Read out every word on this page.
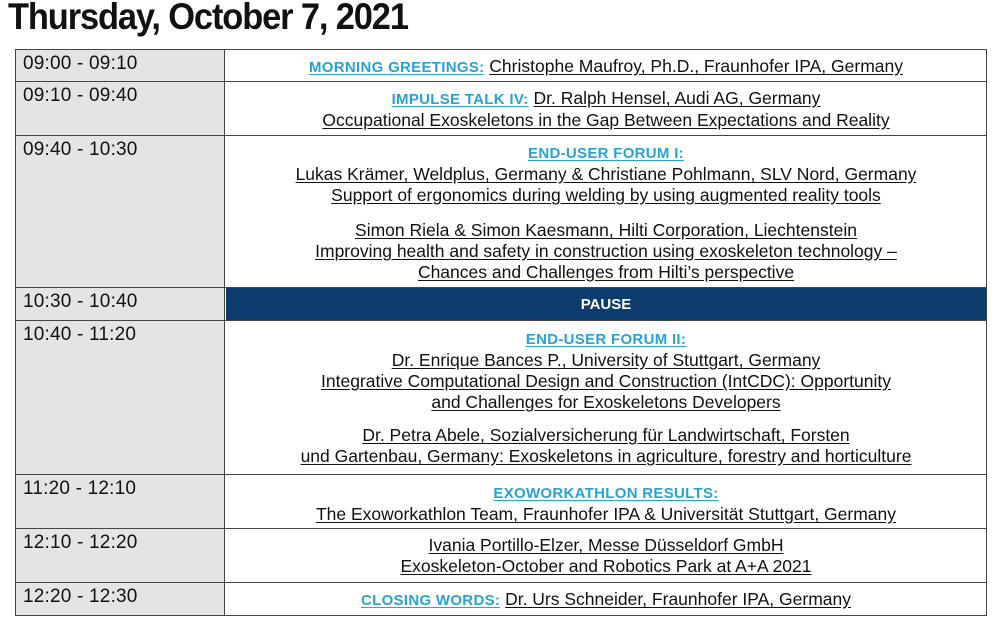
Thursday, October 7, 2021
09:00 - 09:10	MORNING GREETINGS: Christophe Maufroy, Ph.D., Fraunhofer IPA, Germany
09:10 - 09:40	IMPULSE TALK IV: Dr. Ralph Hensel, Audi AG, Germany
Occupational Exoskeletons in the Gap Between Expectations and Reality
09:40 - 10:30	END-USER FORUM I:
Lukas Krämer, Weldplus, Germany & Christiane Pohlmann, SLV Nord, Germany
Support of ergonomics during welding by using augmented reality tools
Simon Riela & Simon Kaesmann, Hilti Corporation, Liechtenstein
Improving health and safety in construction using exoskeleton technology –
Chances and Challenges from Hilti’s perspective
10:30 - 10:40	PAUSE
10:40 - 11:20	END-USER FORUM II:
Dr. Enrique Bances P., University of Stuttgart, Germany
Integrative Computational Design and Construction (IntCDC): Opportunity
and Challenges for Exoskeletons Developers
Dr. Petra Abele, Sozialversicherung für Landwirtschaft, Forsten
und Gartenbau, Germany: Exoskeletons in agriculture, forestry and horticulture
11:20 - 12:10	EXOWORKATHLON RESULTS:
The Exoworkathlon Team, Fraunhofer IPA & Universität Stuttgart, Germany
12:10 - 12:20	Ivania Portillo-Elzer, Messe Düsseldorf GmbH
Exoskeleton-October and Robotics Park at A+A 2021
12:20 - 12:30	CLOSING WORDS: Dr. Urs Schneider, Fraunhofer IPA, Germany
